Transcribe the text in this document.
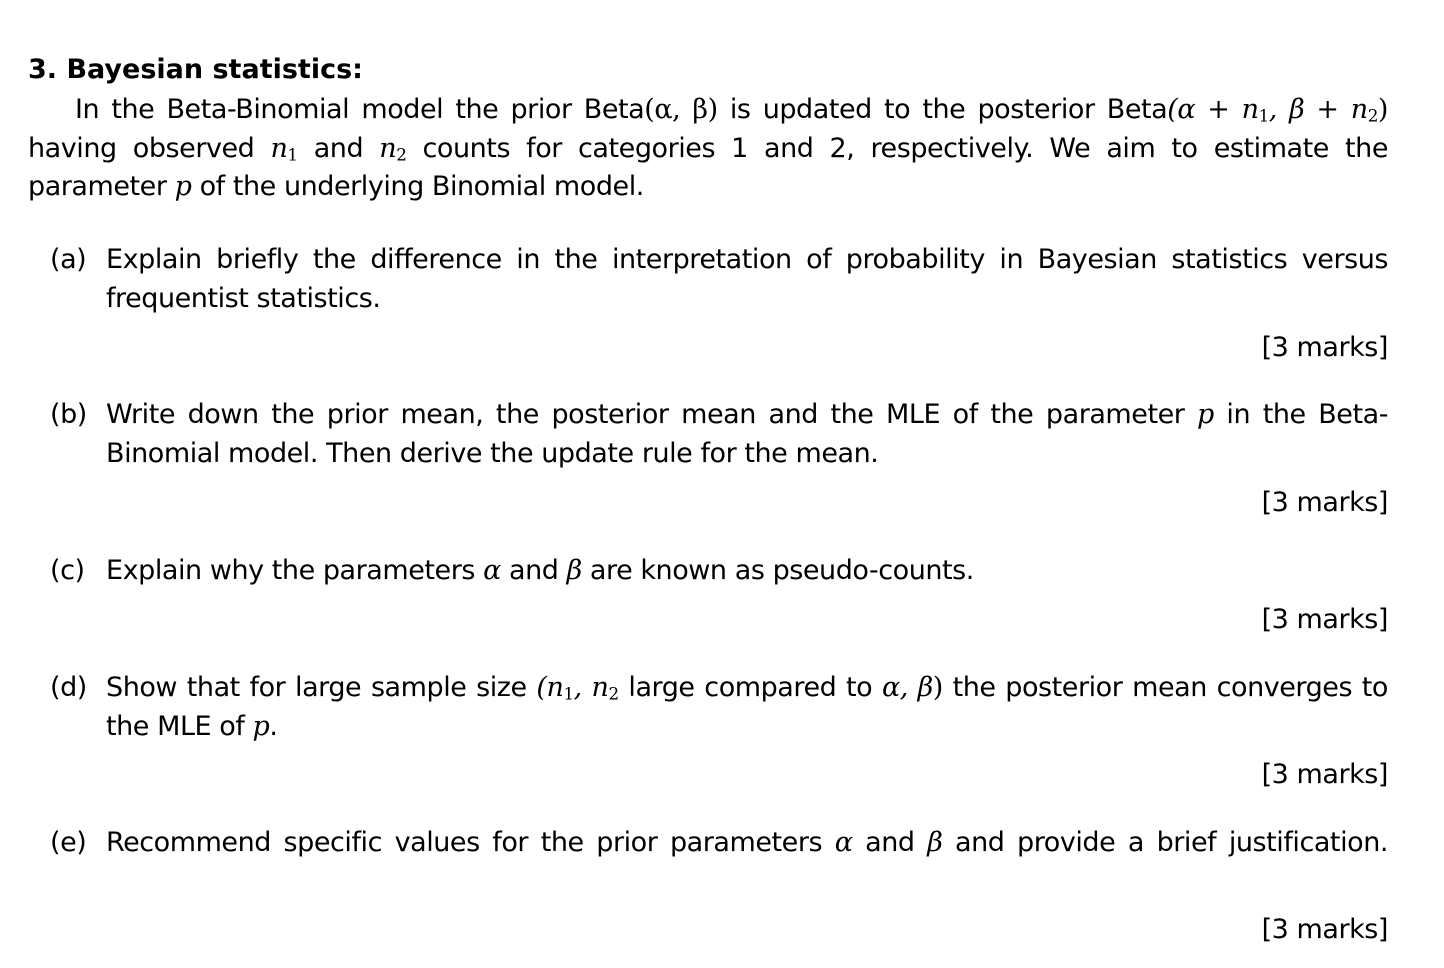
3. Bayesian statistics:
In the Beta-Binomial model the prior Beta(α, β) is updated to the posterior Beta(α + $n_1$, $\beta + n_2$) having observed $n_1$ and $n_2$ counts for categories 1 and 2, respectively. We aim to estimate the parameter p of the underlying Binomial model.
(a) Explain briefly the difference in the interpretation of probability in Bayesian statistics versus frequentist statistics.
[3 marks]
(b) Write down the prior mean, the posterior mean and the MLE of the parameter p in the Beta-Binomial model. Then derive the update rule for the mean.
[3 marks]
(c) Explain why the parameters α and β are known as pseudo-counts.
[3 marks]
(d) Show that for large sample size ($n_1$, $n_2$ large compared to α, β) the posterior mean converges to the MLE of p.
[3 marks]
(e) Recommend specific values for the prior parameters α and β and provide a brief justification.
[3 marks]
